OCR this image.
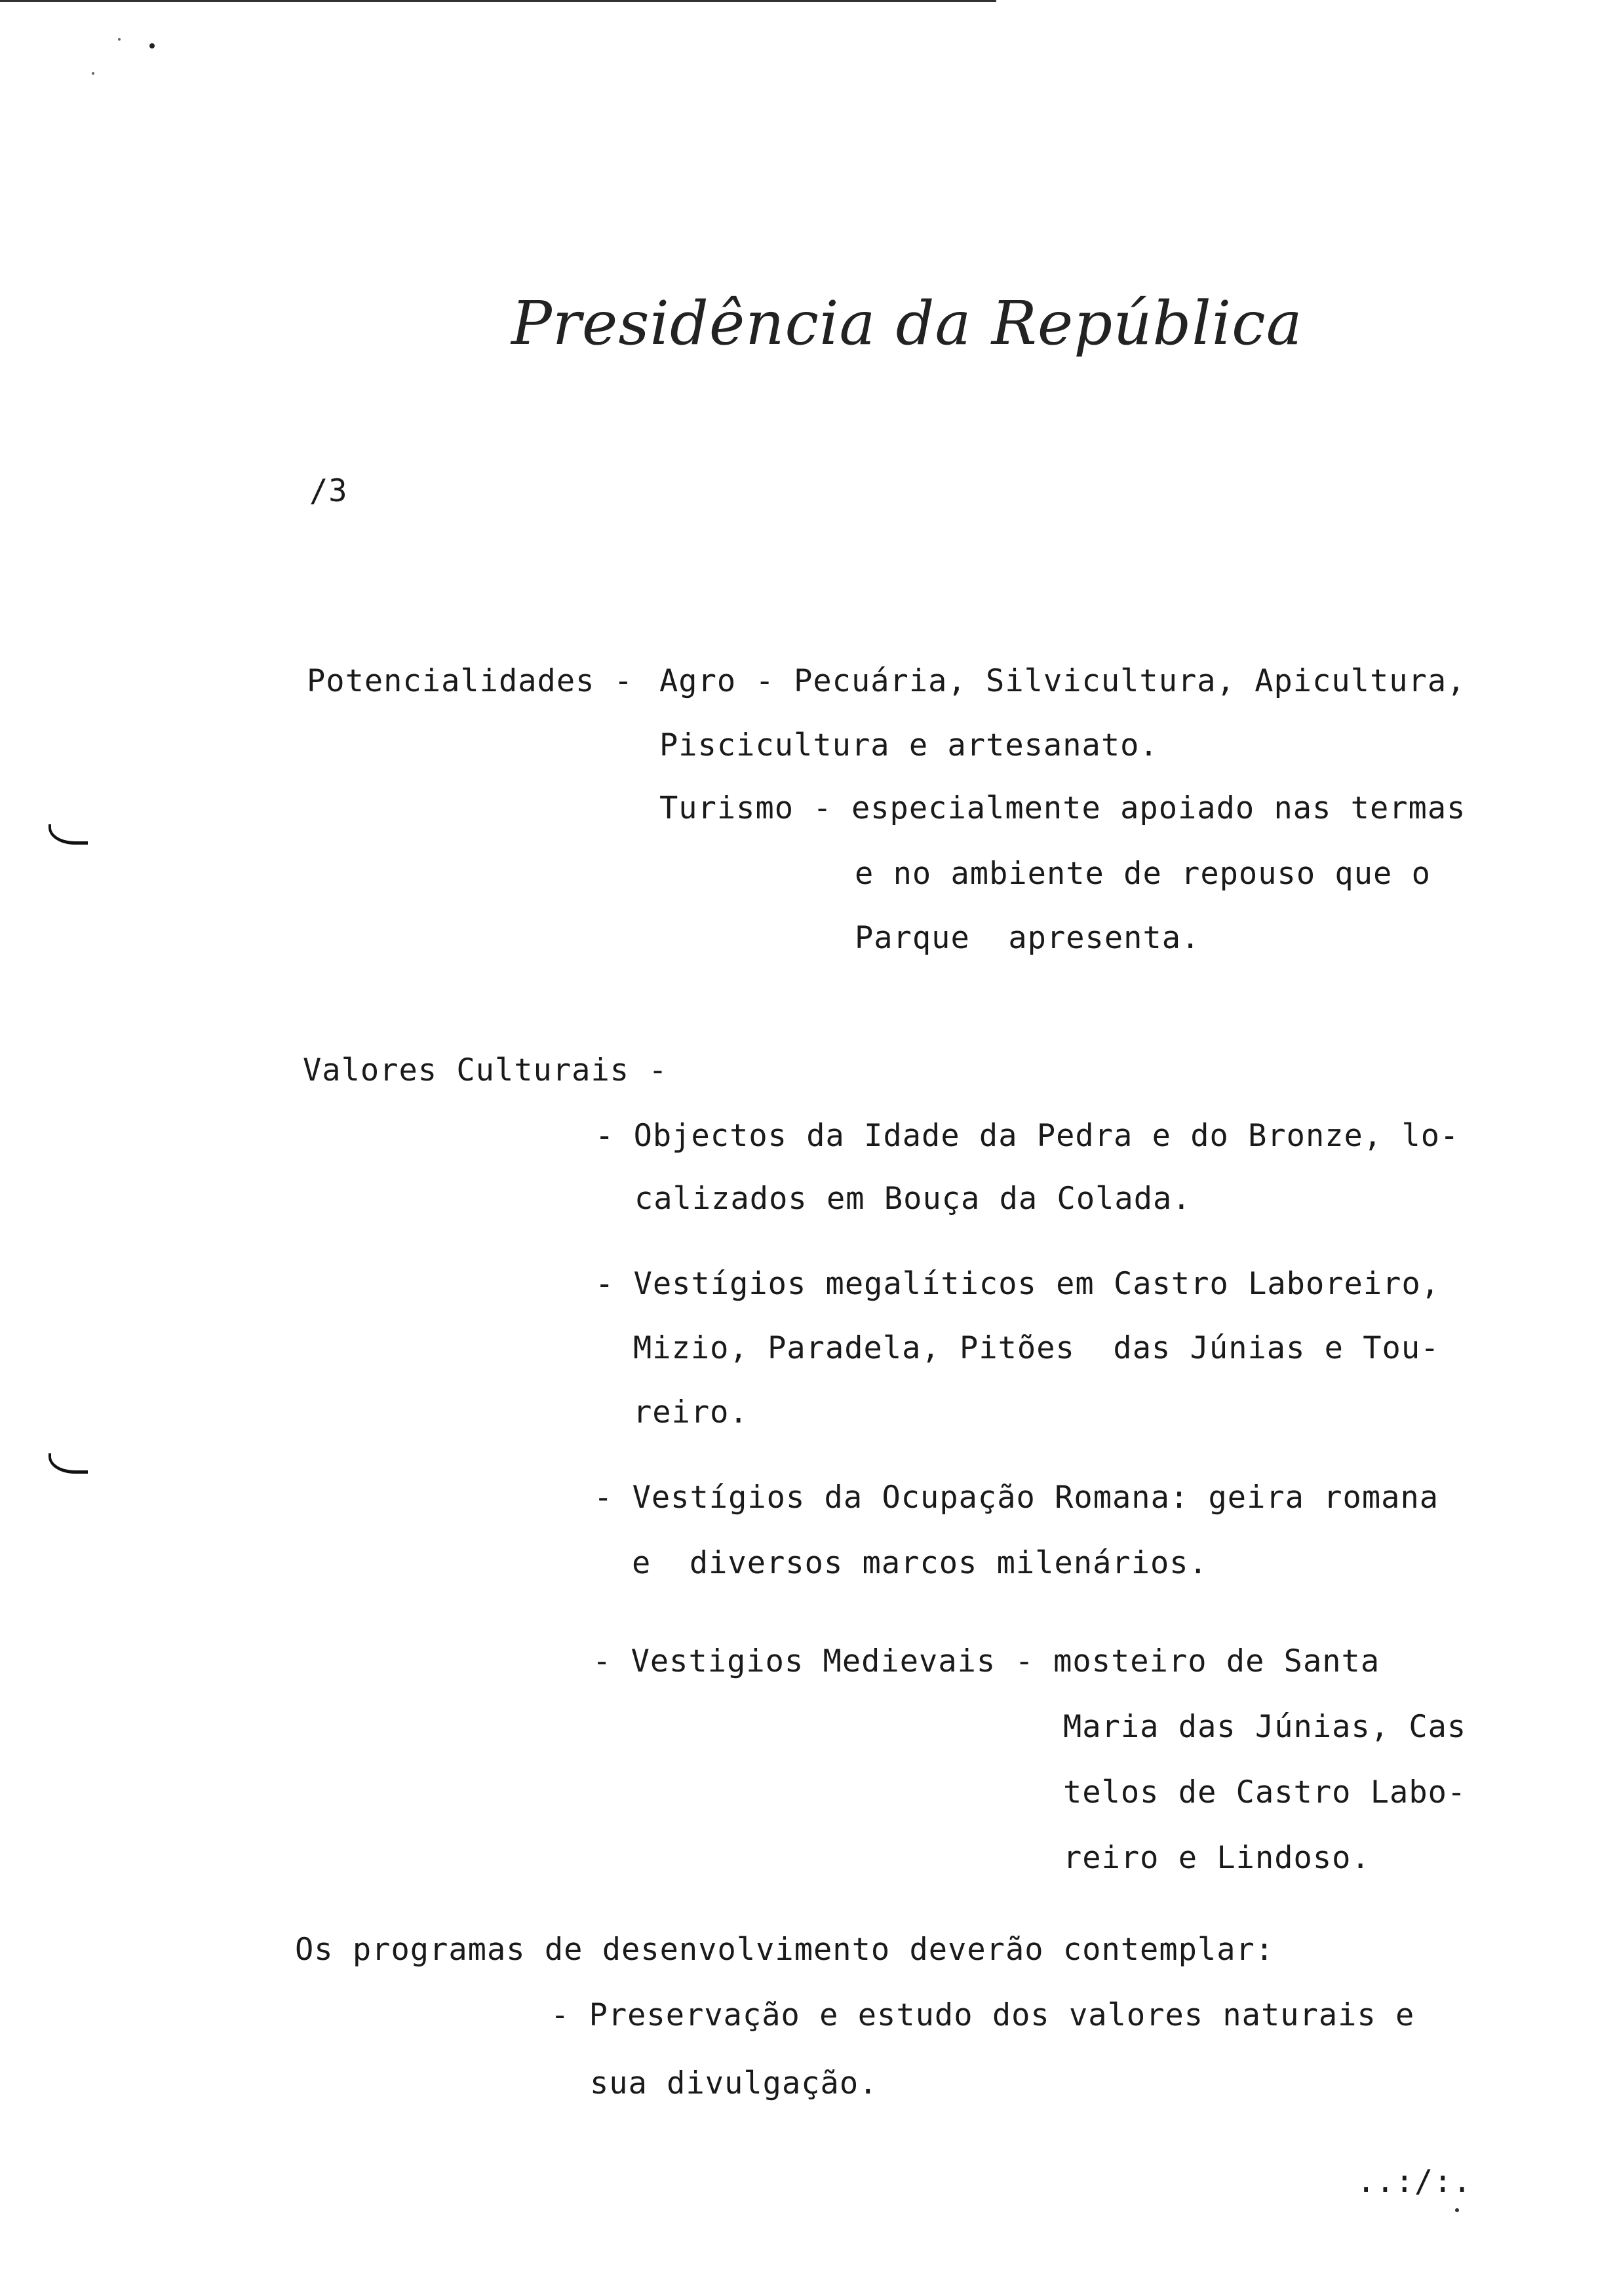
Presidência da República
/3
Potencialidades - Agro - Pecuária, Silvicultura, Apicultura,
Piscicultura e artesanato.
Turismo - especialmente apoiado nas termas
e no ambiente de repouso que o
Parque  apresenta.
Valores Culturais -
- Objectos da Idade da Pedra e do Bronze, lo-
calizados em Bouça da Colada.
- Vestígios megalíticos em Castro Laboreiro,
Mizio, Paradela, Pitões  das Júnias e Tou-
reiro.
- Vestígios da Ocupação Romana: geira romana
e  diversos marcos milenários.
- Vestigios Medievais - mosteiro de Santa
Maria das Júnias, Cas
telos de Castro Labo-
reiro e Lindoso.
Os programas de desenvolvimento deverão contemplar:
- Preservação e estudo dos valores naturais e
sua divulgação.
..:/:.
